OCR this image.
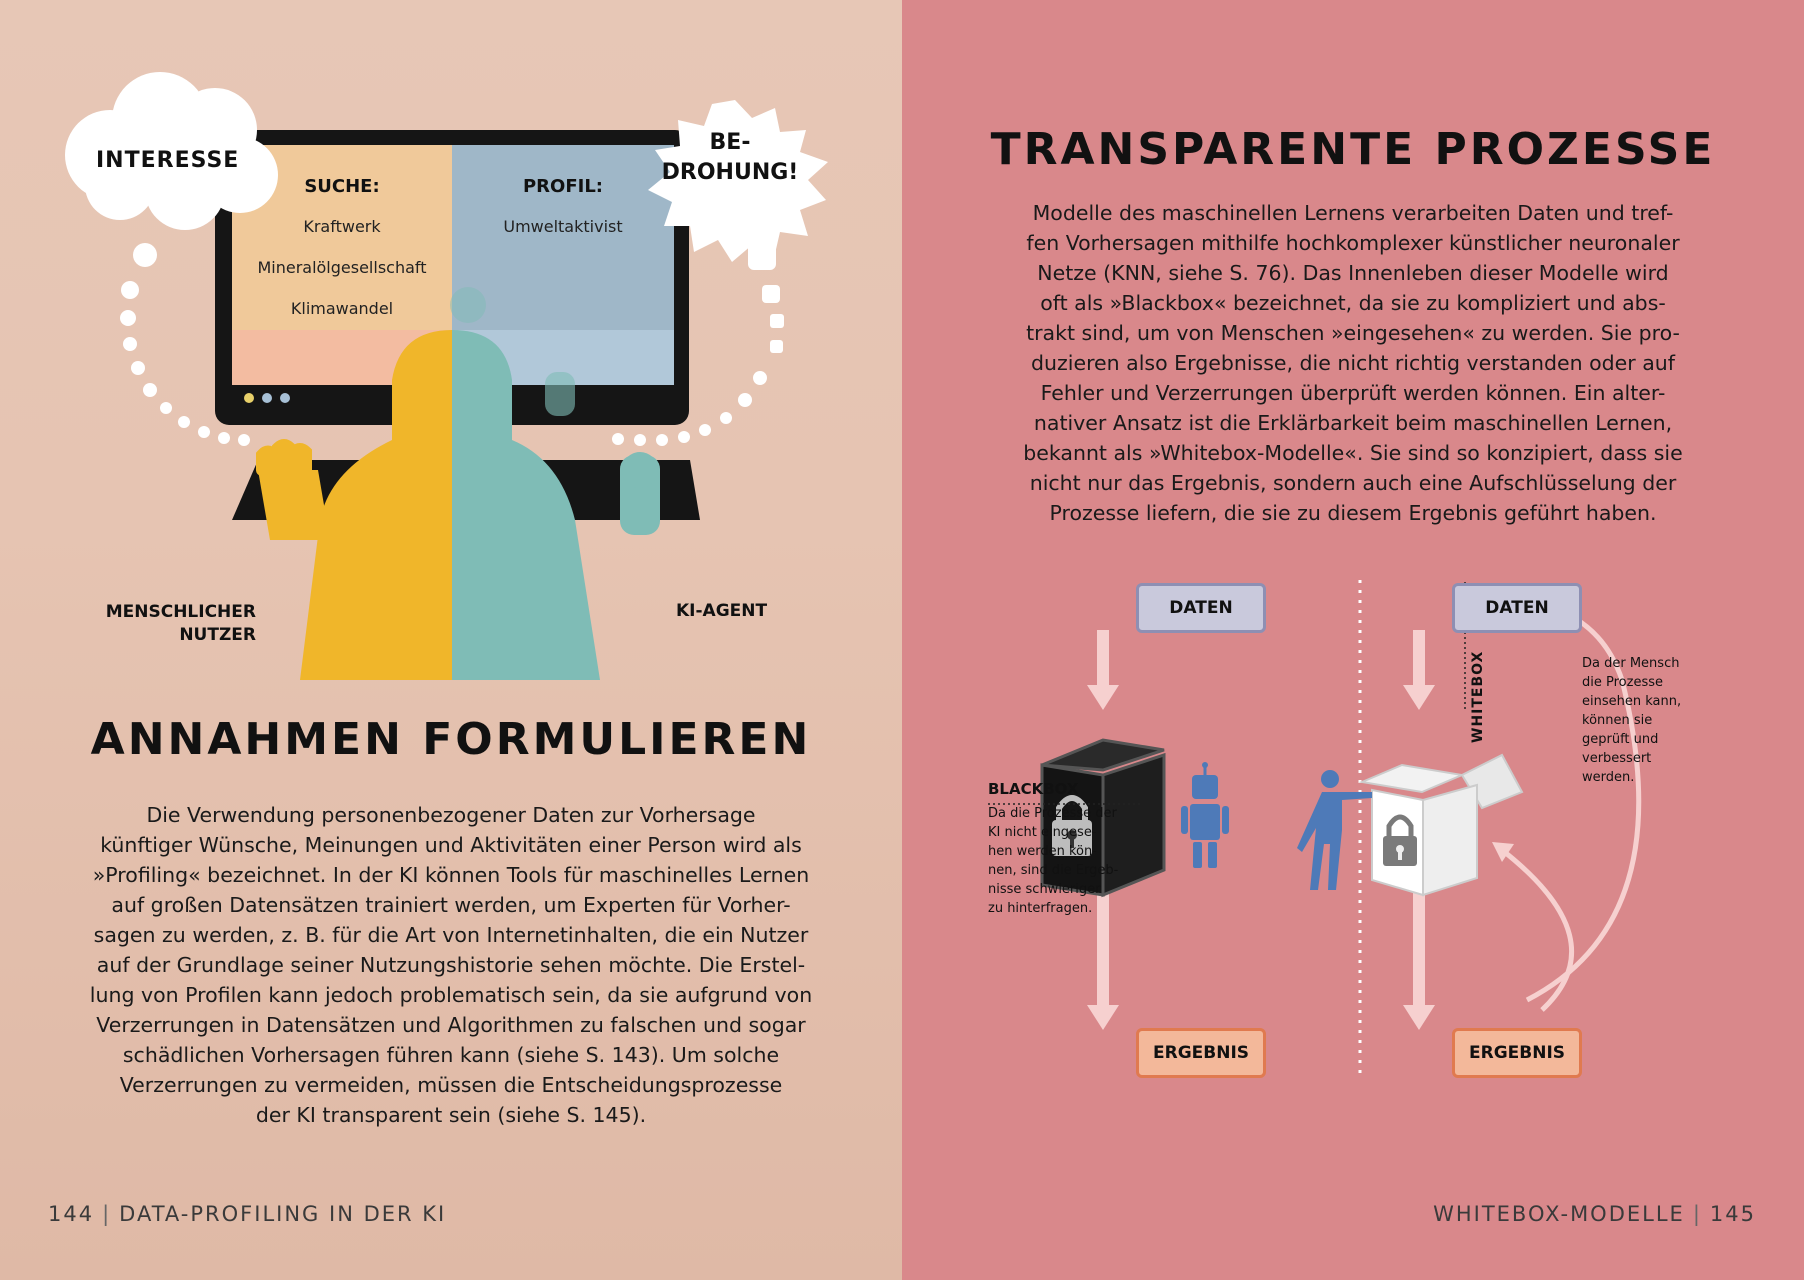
INTERESSE
BE-
DROHUNG!
SUCHE:
Kraftwerk
Mineralölgesellschaft
Klimawandel
PROFIL:
Umweltaktivist
MENSCHLICHER
NUTZER
KI-AGENT
ANNAHMEN FORMULIEREN
Die Verwendung personenbezogener Daten zur Vorhersage
künftiger Wünsche, Meinungen und Aktivitäten einer Person wird als
»Profiling« bezeichnet. In der KI können Tools für maschinelles Lernen
auf großen Datensätzen trainiert werden, um Experten für Vorher-
sagen zu werden, z. B. für die Art von Internetinhalten, die ein Nutzer
auf der Grundlage seiner Nutzungshistorie sehen möchte. Die Erstel-
lung von Profilen kann jedoch problematisch sein, da sie aufgrund von
Verzerrungen in Datensätzen und Algorithmen zu falschen und sogar
schädlichen Vorhersagen führen kann (siehe S. 143). Um solche
Verzerrungen zu vermeiden, müssen die Entscheidungsprozesse
der KI transparent sein (siehe S. 145).
144 | DATA-PROFILING IN DER KI
TRANSPARENTE PROZESSE
Modelle des maschinellen Lernens verarbeiten Daten und tref-
fen Vorhersagen mithilfe hochkomplexer künstlicher neuronaler
Netze (KNN, siehe S. 76). Das Innenleben dieser Modelle wird
oft als »Blackbox« bezeichnet, da sie zu kompliziert und abs-
trakt sind, um von Menschen »eingesehen« zu werden. Sie pro-
duzieren also Ergebnisse, die nicht richtig verstanden oder auf
Fehler und Verzerrungen überprüft werden können. Ein alter-
nativer Ansatz ist die Erklärbarkeit beim maschinellen Lernen,
bekannt als »Whitebox-Modelle«. Sie sind so konzipiert, dass sie
nicht nur das Ergebnis, sondern auch eine Aufschlüsselung der
Prozesse liefern, die sie zu diesem Ergebnis geführt haben.
DATEN
ERGEBNIS
DATEN
ERGEBNIS
BLACKBOX
Da die Prozesse der
KI nicht eingese-
hen werden kön-
nen, sind die Ergeb-
nisse schwieriger
zu hinterfragen.
WHITEBOX	Da der Mensch
die Prozesse
einsehen kann,
können sie
geprüft und
verbessert
werden.
WHITEBOX-MODELLE | 145
